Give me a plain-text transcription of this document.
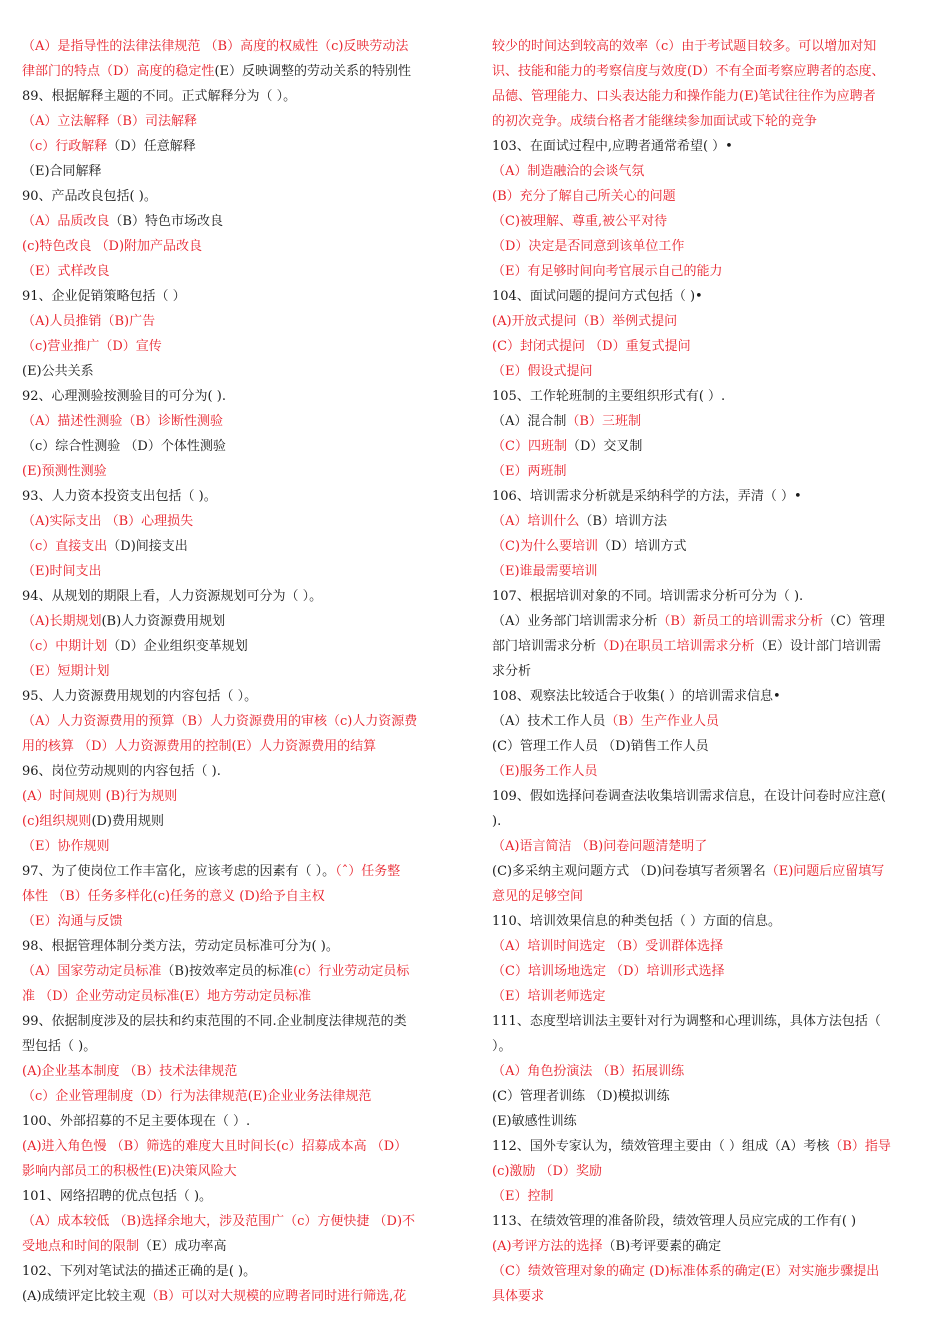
（A）是指导性的法律法律规范 （B）高度的权威性（c)反映劳动法
律部门的特点（D）高度的稳定性(E）反映调整的劳动关系的特别性
89、根据解释主题的不同。正式解释分为（ ）。
（A）立法解释（B）司法解释
（c）行政解释（D）任意解释
（E)合同解释
90、产品改良包括( )。
（A）品质改良（B）特色市场改良
(c)特色改良 （D)附加产品改良
（E）式样改良
91、企业促销策略包括（ ）
（A)人员推销（B)广告
（c)营业推广（D）宣传
(E)公共关系
92、心理测验按测验目的可分为( ).
（A）描述性测验（B）诊断性测验
（c）综合性测验 （D）个体性测验
(E)预测性测验
93、人力资本投资支出包括（ )。
（A)实际支出 （B）心理损失
（c）直接支出（D)间接支出
（E)时间支出
94、从规划的期限上看，人力资源规划可分为（ ）。
（A)长期规划(B)人力资源费用规划
（c）中期计划（D）企业组织变革规划
（E）短期计划
95、人力资源费用规划的内容包括（ ）。
（A）人力资源费用的预算（B）人力资源费用的审核（c)人力资源费
用的核算 （D）人力资源费用的控制(E）人力资源费用的结算
96、岗位劳动规则的内容包括（ ).
(A）时间规则 (B)行为规则
(c)组织规则(D)费用规则
（E）协作规则
97、为了使岗位工作丰富化，应该考虑的因素有（ ）。（ˆ）任务整
体性 （B）任务多样化(c)任务的意义 (D)给予自主权
（E）沟通与反馈
98、根据管理体制分类方法，劳动定员标准可分为( )。
（A）国家劳动定员标准（B)按效率定员的标准(c）行业劳动定员标
准 （D）企业劳动定员标准(E）地方劳动定员标准
99、依据制度涉及的层扶和约束范围的不同.企业制度法律规范的类
型包括（ )。
(A)企业基本制度 （B）技术法律规范
（c）企业管理制度（D）行为法律规范(E)企业业务法律规范
100、外部招募的不足主要体现在（ ）.
(A)进入角色慢 （B）筛选的难度大且时间长(c）招募成本高 （D）
影响内部员工的积极性(E)决策风险大
101、网络招聘的优点包括（ )。
（A）成本较低 （B)选择余地大，涉及范围广（c）方便快捷 （D)不
受地点和时间的限制（E）成功率高
102、下列对笔试法的描述正确的是( )。
(A)成绩评定比较主观（B）可以对大规模的应聘者同时进行筛选,花
较少的时间达到较高的效率（c）由于考试题目较多。可以增加对知
识、技能和能力的考察信度与效度(D）不有全面考察应聘者的态度、
品德、管理能力、口头表达能力和操作能力(E)笔试往往作为应聘者
的初次竞争。成绩台格者才能继续参加面试或下轮的竞争
103、在面试过程中,应聘者通常希望( ）•
（A）制造融洽的会谈气氛
(B）充分了解自己所关心的问题
（C)被理解、尊重,被公平对待
（D）决定是否同意到该单位工作
（E）有足够时间向考官展示自己的能力
104、面试问题的提问方式包括（ )•
(A)开放式提问（B）举例式提问
(C）封闭式提问 （D）重复式提问
（E）假设式提问
105、工作轮班制的主要组织形式有( ）.
（A）混合制（B）三班制
（C）四班制（D）交叉制
（E）两班制
106、培训需求分析就是采纳科学的方法，弄清（ ）•
（A）培训什么（B）培训方法
（C)为什么要培训（D）培训方式
（E)谁最需要培训
107、根据培训对象的不同。培训需求分析可分为（ ).
（A）业务部门培训需求分析（B）新员工的培训需求分析（C）管理
部门培训需求分析（D)在职员工培训需求分析（E）设计部门培训需
求分析
108、观察法比较适合于收集( ）的培训需求信息•
（A）技术工作人员（B）生产作业人员
(C）管理工作人员 （D)销售工作人员
（E)服务工作人员
109、假如选择问卷调查法收集培训需求信息，在设计问卷时应注意(
).
（A)语言简洁 （B)问卷问题清楚明了
(C)多采纳主观问题方式 （D)问卷填写者须署名（E)问题后应留填写
意见的足够空间
110、培训效果信息的种类包括（ ）方面的信息。
（A）培训时间选定 （B）受训群体选择
（C）培训场地选定 （D）培训形式选择
（E）培训老师选定
111、态度型培训法主要针对行为调整和心理训练，具体方法包括（
）。
（A）角色扮演法 （B）拓展训练
(C）管理者训练 （D)模拟训练
(E)敏感性训练
112、国外专家认为，绩效管理主要由（ ）组成（A）考核（B）指导
(c)激励 （D）奖励
（E）控制
113、在绩效管理的准备阶段，绩效管理人员应完成的工作有( )
(A)考评方法的选择（B)考评要素的确定
（C）绩效管理对象的确定 (D)标准体系的确定(E）对实施步骤提出
具体要求
